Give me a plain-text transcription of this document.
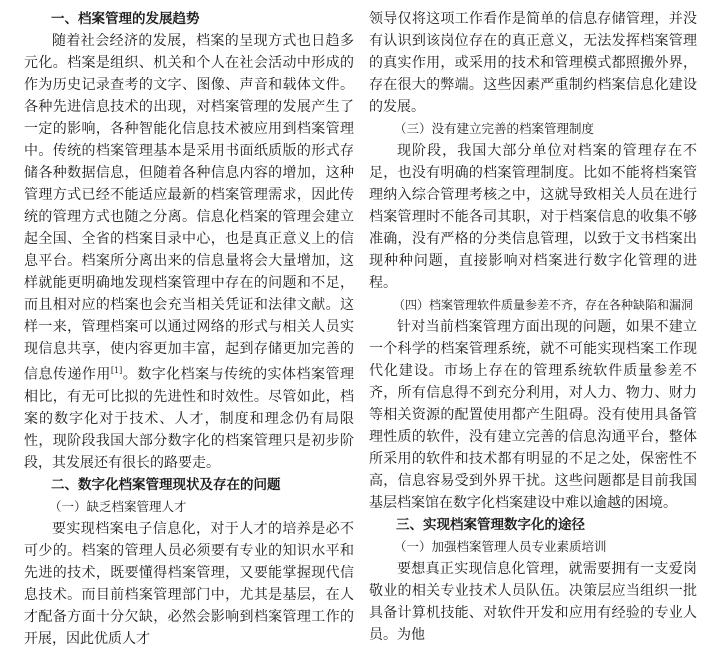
一、档案管理的发展趋势

随着社会经济的发展，档案的呈现方式也日趋多元化。档案是组织、机关和个人在社会活动中形成的作为历史记录查考的文字、图像、声音和载体文件。各种先进信息技术的出现，对档案管理的发展产生了一定的影响，各种智能化信息技术被应用到档案管理中。传统的档案管理基本是采用书面纸质版的形式存储各种数据信息，但随着各种信息内容的增加，这种管理方式已经不能适应最新的档案管理需求，因此传统的管理方式也随之分离。信息化档案的管理会建立起全国、全省的档案目录中心，也是真正意义上的信息平台。档案所分离出来的信息量将会大量增加，这样就能更明确地发现档案管理中存在的问题和不足，而且相对应的档案也会充当相关凭证和法律文献。这样一来，管理档案可以通过网络的形式与相关人员实现信息共享，使内容更加丰富，起到存储更加完善的信息传递作用[1]。数字化档案与传统的实体档案管理相比，有无可比拟的先进性和时效性。尽管如此，档案的数字化对于技术、人才，制度和理念仍有局限性，现阶段我国大部分数字化的档案管理只是初步阶段，其发展还有很长的路要走。

二、数字化档案管理现状及存在的问题

（一）缺乏档案管理人才

要实现档案电子信息化，对于人才的培养是必不可少的。档案的管理人员必须要有专业的知识水平和先进的技术，既要懂得档案管理，又要能掌握现代信息技术。而目前档案管理部门中，尤其是基层，在人才配备方面十分欠缺，必然会影响到档案管理工作的开展，因此优质人才

领导仅将这项工作看作是简单的信息存储管理，并没有认识到该岗位存在的真正意义，无法发挥档案管理的真实作用，或采用的技术和管理模式都照搬外界，存在很大的弊端。这些因素严重制约档案信息化建设的发展。

（三）没有建立完善的档案管理制度

现阶段，我国大部分单位对档案的管理存在不足，也没有明确的档案管理制度。比如不能将档案管理纳入综合管理考核之中，这就导致相关人员在进行档案管理时不能各司其职，对于档案信息的收集不够准确，没有严格的分类信息管理，以致于文书档案出现种种问题，直接影响对档案进行数字化管理的进程。

（四）档案管理软件质量参差不齐，存在各种缺陷和漏洞

针对当前档案管理方面出现的问题，如果不建立一个科学的档案管理系统，就不可能实现档案工作现代化建设。市场上存在的管理系统软件质量参差不齐，所有信息得不到充分利用，对人力、物力、财力等相关资源的配置使用都产生阻碍。没有使用具备管理性质的软件，没有建立完善的信息沟通平台，整体所采用的软件和技术都有明显的不足之处，保密性不高，信息容易受到外界干扰。这些问题都是目前我国基层档案馆在数字化档案建设中难以逾越的困境。

三、实现档案管理数字化的途径

（一）加强档案管理人员专业素质培训

要想真正实现信息化管理，就需要拥有一支爱岗敬业的相关专业技术人员队伍。决策层应当组织一批具备计算机技能、对软件开发和应用有经验的专业人员。为他
